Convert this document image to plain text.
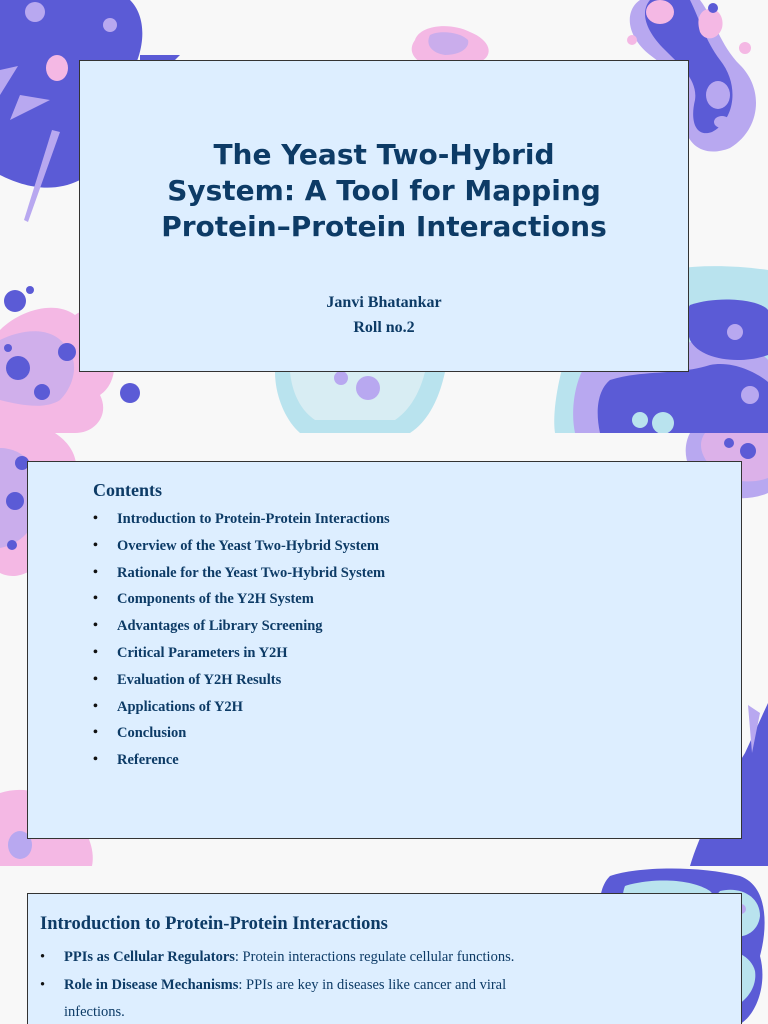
The Yeast Two-Hybrid
System: A Tool for Mapping
Protein–Protein Interactions
Janvi Bhatankar
Roll no.2
Contents
• Introduction to Protein-Protein Interactions
• Overview of the Yeast Two-Hybrid System
• Rationale for the Yeast Two-Hybrid System
• Components of the Y2H System
• Advantages of Library Screening
• Critical Parameters in Y2H
• Evaluation of Y2H Results
• Applications of Y2H
• Conclusion
• Reference
Introduction to Protein-Protein Interactions
• PPIs as Cellular Regulators: Protein interactions regulate cellular functions.
• Role in Disease Mechanisms: PPIs are key in diseases like cancer and viral infections.
